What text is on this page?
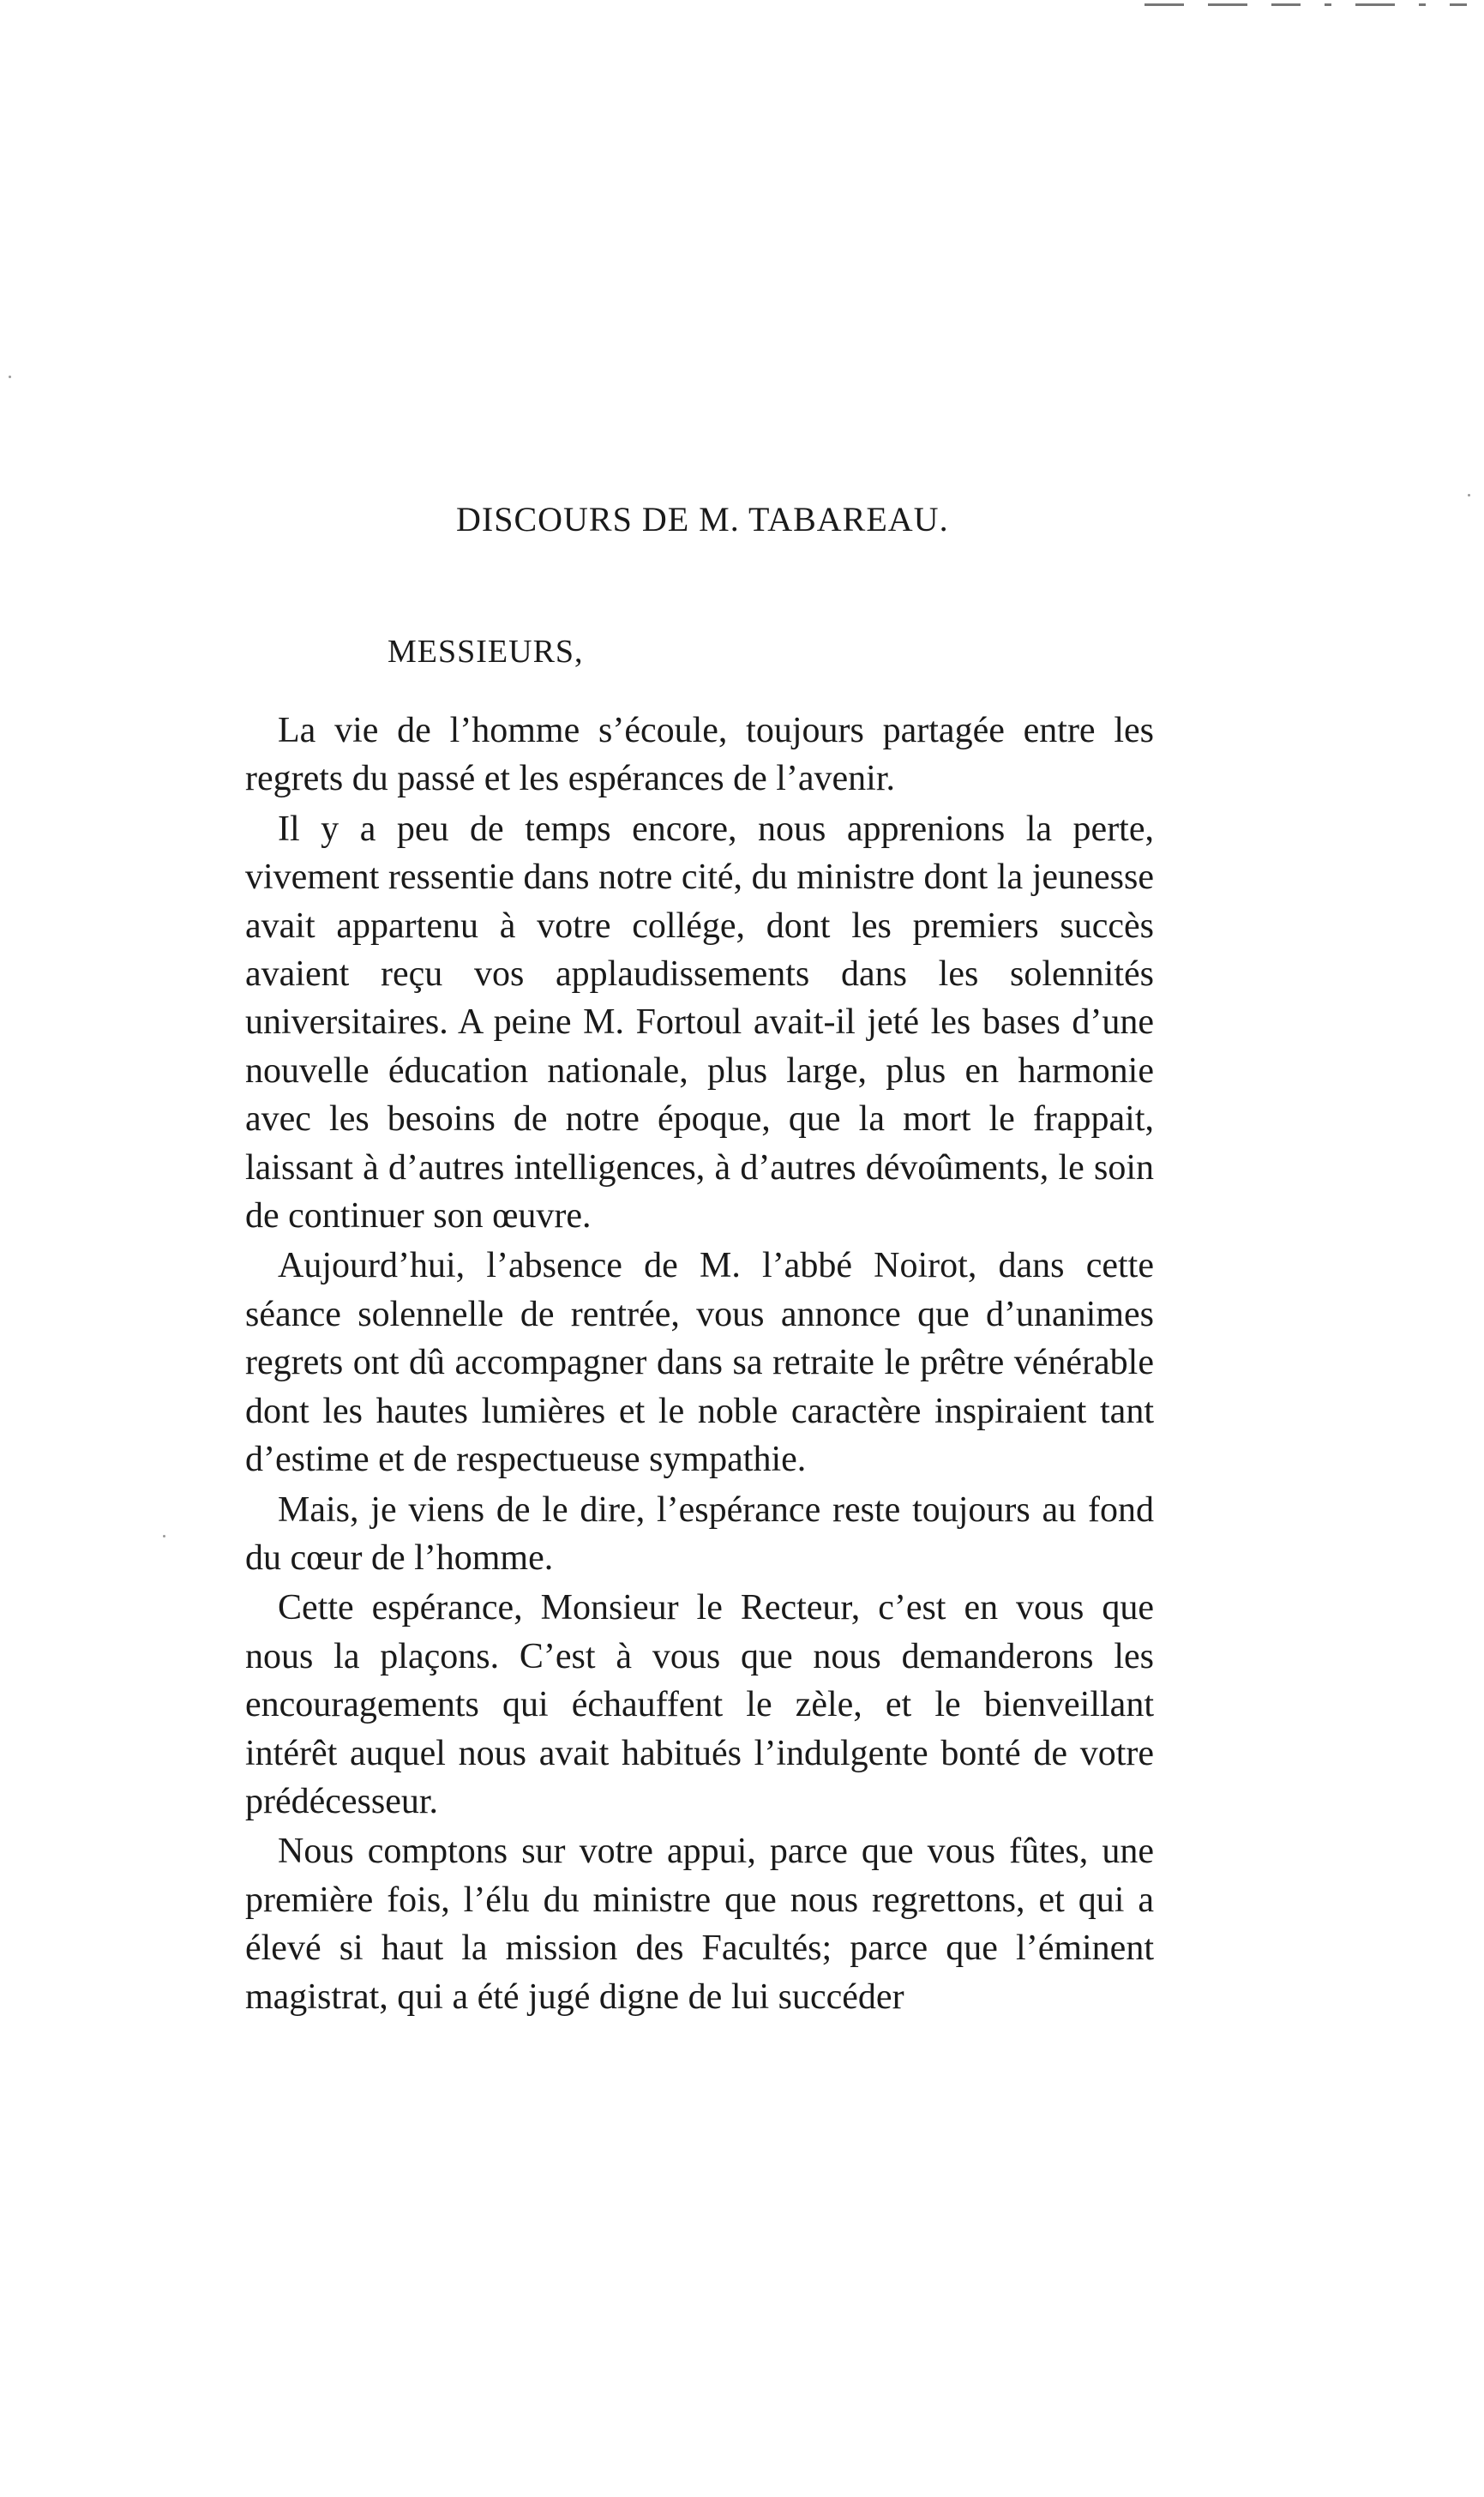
DISCOURS DE M. TABAREAU.
MESSIEURS,

La vie de l’homme s’écoule, toujours partagée entre les regrets du passé et les espérances de l’avenir.

Il y a peu de temps encore, nous apprenions la perte, vivement ressentie dans notre cité, du ministre dont la jeunesse avait appartenu à votre collége, dont les premiers succès avaient reçu vos applaudissements dans les solennités universitaires. A peine M. Fortoul avait-il jeté les bases d’une nouvelle éducation nationale, plus large, plus en harmonie avec les besoins de notre époque, que la mort le frappait, laissant à d’autres intelligences, à d’autres dévoûments, le soin de continuer son œuvre.

Aujourd’hui, l’absence de M. l’abbé Noirot, dans cette séance solennelle de rentrée, vous annonce que d’unanimes regrets ont dû accompagner dans sa retraite le prêtre vénérable dont les hautes lumières et le noble caractère inspiraient tant d’estime et de respectueuse sympathie.

Mais, je viens de le dire, l’espérance reste toujours au fond du cœur de l’homme.

Cette espérance, Monsieur le Recteur, c’est en vous que nous la plaçons. C’est à vous que nous demanderons les encouragements qui échauffent le zèle, et le bienveillant intérêt auquel nous avait habitués l’indulgente bonté de votre prédécesseur.

Nous comptons sur votre appui, parce que vous fûtes, une première fois, l’élu du ministre que nous regrettons, et qui a élevé si haut la mission des Facultés; parce que l’éminent magistrat, qui a été jugé digne de lui succéder
